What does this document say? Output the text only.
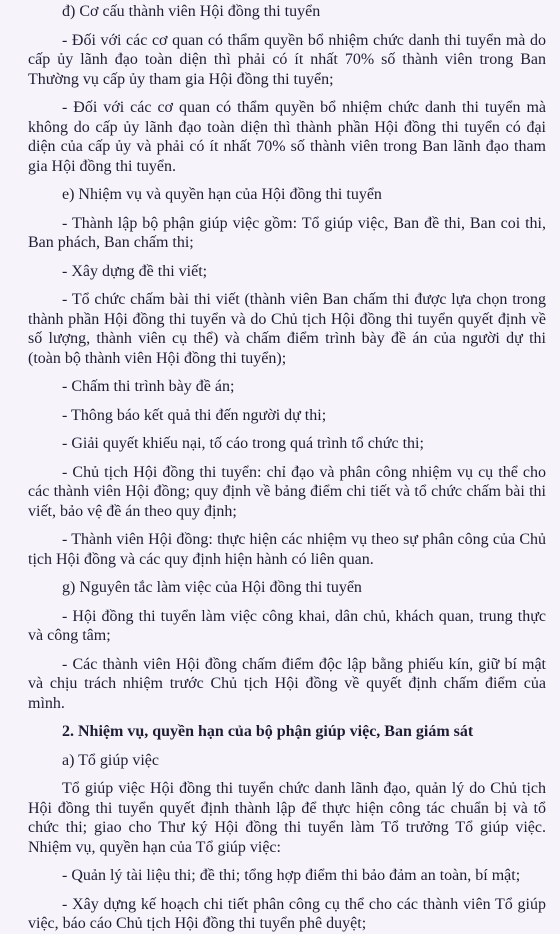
đ) Cơ cấu thành viên Hội đồng thi tuyển

- Đối với các cơ quan có thẩm quyền bổ nhiệm chức danh thi tuyển mà do cấp ủy lãnh đạo toàn diện thì phải có ít nhất 70% số thành viên trong Ban Thường vụ cấp ủy tham gia Hội đồng thi tuyển;

- Đối với các cơ quan có thẩm quyền bổ nhiệm chức danh thi tuyển mà không do cấp ủy lãnh đạo toàn diện thì thành phần Hội đồng thi tuyển có đại diện của cấp ủy và phải có ít nhất 70% số thành viên trong Ban lãnh đạo tham gia Hội đồng thi tuyển.

e) Nhiệm vụ và quyền hạn của Hội đồng thi tuyển

- Thành lập bộ phận giúp việc gồm: Tổ giúp việc, Ban đề thi, Ban coi thi, Ban phách, Ban chấm thi;

- Xây dựng đề thi viết;

- Tổ chức chấm bài thi viết (thành viên Ban chấm thi được lựa chọn trong thành phần Hội đồng thi tuyển và do Chủ tịch Hội đồng thi tuyển quyết định về số lượng, thành viên cụ thể) và chấm điểm trình bày đề án của người dự thi (toàn bộ thành viên Hội đồng thi tuyển);

- Chấm thi trình bày đề án;

- Thông báo kết quả thi đến người dự thi;

- Giải quyết khiếu nại, tố cáo trong quá trình tổ chức thi;

- Chủ tịch Hội đồng thi tuyển: chỉ đạo và phân công nhiệm vụ cụ thể cho các thành viên Hội đồng; quy định về bảng điểm chi tiết và tổ chức chấm bài thi viết, bảo vệ đề án theo quy định;

- Thành viên Hội đồng: thực hiện các nhiệm vụ theo sự phân công của Chủ tịch Hội đồng và các quy định hiện hành có liên quan.

g) Nguyên tắc làm việc của Hội đồng thi tuyển

- Hội đồng thi tuyển làm việc công khai, dân chủ, khách quan, trung thực và công tâm;

- Các thành viên Hội đồng chấm điểm độc lập bằng phiếu kín, giữ bí mật và chịu trách nhiệm trước Chủ tịch Hội đồng về quyết định chấm điểm của mình.

2. Nhiệm vụ, quyền hạn của bộ phận giúp việc, Ban giám sát

a) Tổ giúp việc

Tổ giúp việc Hội đồng thi tuyển chức danh lãnh đạo, quản lý do Chủ tịch Hội đồng thi tuyển quyết định thành lập để thực hiện công tác chuẩn bị và tổ chức thi; giao cho Thư ký Hội đồng thi tuyển làm Tổ trưởng Tổ giúp việc. Nhiệm vụ, quyền hạn của Tổ giúp việc:

- Quản lý tài liệu thi; đề thi; tổng hợp điểm thi bảo đảm an toàn, bí mật;

- Xây dựng kế hoạch chi tiết phân công cụ thể cho các thành viên Tổ giúp việc, báo cáo Chủ tịch Hội đồng thi tuyển phê duyệt;
